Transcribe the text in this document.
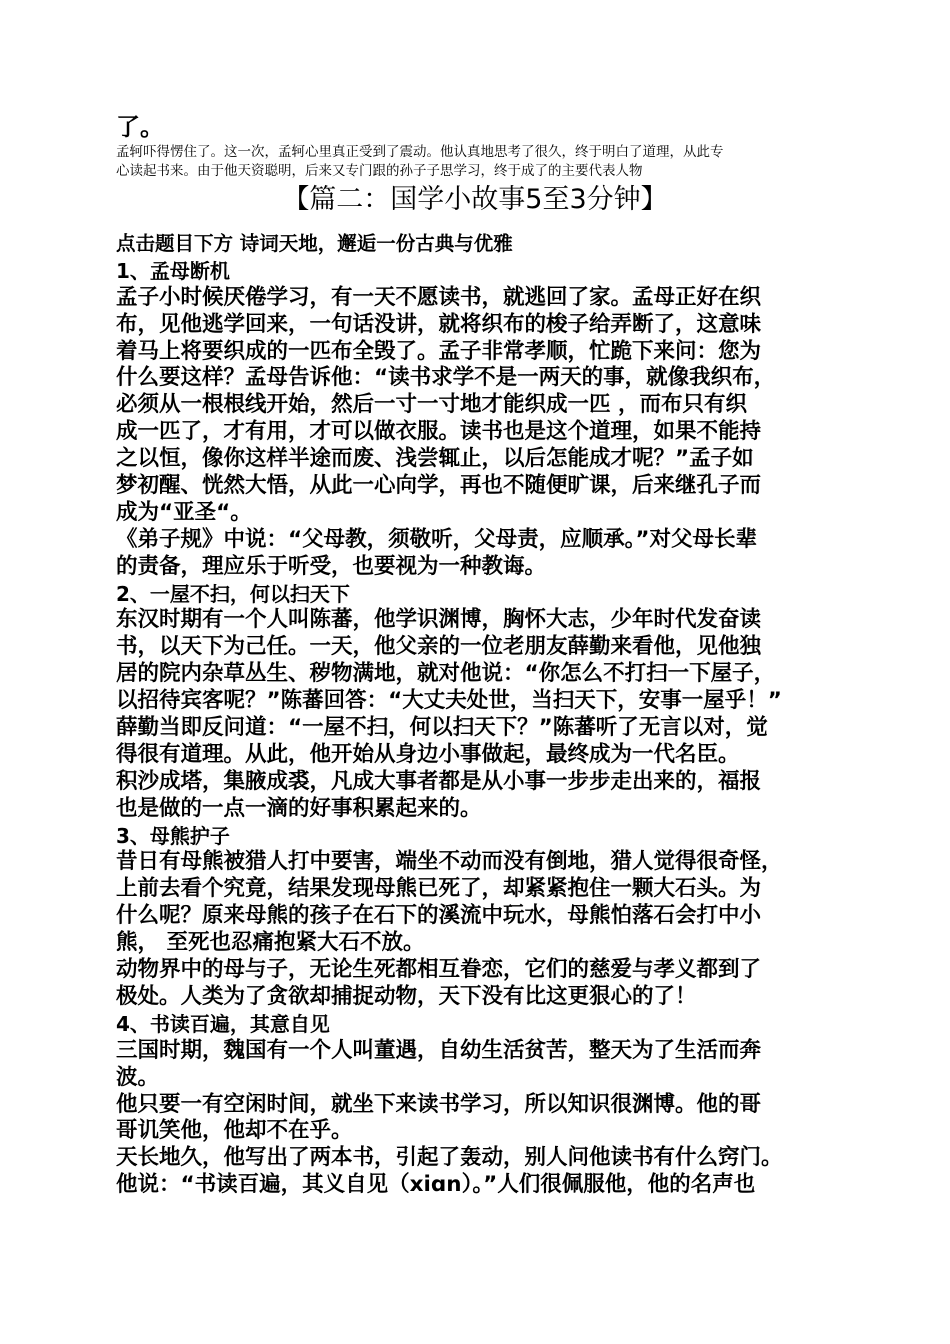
了。

孟轲吓得愣住了。这一次，孟轲心里真正受到了震动。他认真地思考了很久，终于明白了道理，从此专
心读起书来。由于他天资聪明，后来又专门跟的孙子子思学习，终于成了的主要代表人物

【篇二：国学小故事5至3分钟】
点击题目下方 诗词天地，邂逅一份古典与优雅
1、孟母断机
孟子小时候厌倦学习，有一天不愿读书，就逃回了家。孟母正好在织
布，见他逃学回来，一句话没讲，就将织布的梭子给弄断了，这意味
着马上将要织成的一匹布全毁了。孟子非常孝顺，忙跪下来问：您为
什么要这样？孟母告诉他：“读书求学不是一两天的事，就像我织布，
必须从一根根线开始，然后一寸一寸地才能织成一匹 ，而布只有织
成一匹了，才有用，才可以做衣服。读书也是这个道理，如果不能持
之以恒，像你这样半途而废、浅尝辄止，以后怎能成才呢？”孟子如
梦初醒、恍然大悟，从此一心向学，再也不随便旷课，后来继孔子而
成为“亚圣“。
《弟子规》中说：“父母教，须敬听，父母责，应顺承。”对父母长辈
的责备，理应乐于听受，也要视为一种教诲。
2、一屋不扫，何以扫天下
东汉时期有一个人叫陈蕃，他学识渊博，胸怀大志，少年时代发奋读
书，以天下为己任。一天，他父亲的一位老朋友薛勤来看他，见他独
居的院内杂草丛生、秽物满地，就对他说：“你怎么不打扫一下屋子，
以招待宾客呢？”陈蕃回答：“大丈夫处世，当扫天下，安事一屋乎！”
薛勤当即反问道：“一屋不扫，何以扫天下？”陈蕃听了无言以对，觉
得很有道理。从此，他开始从身边小事做起，最终成为一代名臣。
积沙成塔，集腋成裘，凡成大事者都是从小事一步步走出来的，福报
也是做的一点一滴的好事积累起来的。
3、母熊护子
昔日有母熊被猎人打中要害，端坐不动而没有倒地，猎人觉得很奇怪，
上前去看个究竟，结果发现母熊已死了，却紧紧抱住一颗大石头。为
什么呢？原来母熊的孩子在石下的溪流中玩水，母熊怕落石会打中小
熊， 至死也忍痛抱紧大石不放。
动物界中的母与子，无论生死都相互眷恋，它们的慈爱与孝义都到了
极处。人类为了贪欲却捕捉动物，天下没有比这更狠心的了！
4、书读百遍，其意自见
三国时期，魏国有一个人叫董遇，自幼生活贫苦，整天为了生活而奔
波。
他只要一有空闲时间，就坐下来读书学习，所以知识很渊博。他的哥
哥讥笑他，他却不在乎。
天长地久，他写出了两本书，引起了轰动，别人问他读书有什么窍门。
他说：“书读百遍，其义自见（xiɑn）。”人们很佩服他，他的名声也
